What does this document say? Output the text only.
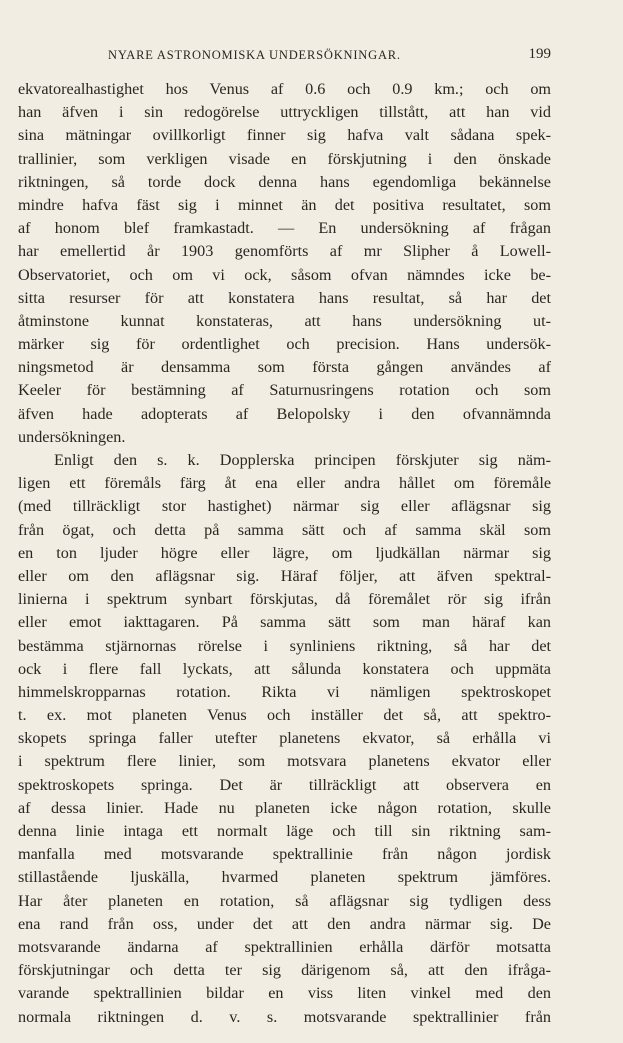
NYARE ASTRONOMISKA UNDERSÖKNINGAR.	199
ekvatorealhastighet hos Venus af 0.6 och 0.9 km.; och om
han äfven i sin redogörelse uttryckligen tillstått, att han vid
sina mätningar ovillkorligt finner sig hafva valt sådana spek-
trallinier, som verkligen visade en förskjutning i den önskade
riktningen, så torde dock denna hans egendomliga bekännelse
mindre hafva fäst sig i minnet än det positiva resultatet, som
af honom blef framkastadt. — En undersökning af frågan
har emellertid år 1903 genomförts af mr Slipher å Lowell-
Observatoriet, och om vi ock, såsom ofvan nämndes icke be-
sitta resurser för att konstatera hans resultat, så har det
åtminstone kunnat konstateras, att hans undersökning ut-
märker sig för ordentlighet och precision. Hans undersök-
ningsmetod är densamma som första gången användes af
Keeler för bestämning af Saturnusringens rotation och som
äfven hade adopterats af Belopolsky i den ofvannämnda
undersökningen.
Enligt den s. k. Dopplerska principen förskjuter sig näm-
ligen ett föremåls färg åt ena eller andra hållet om föremåle
(med tillräckligt stor hastighet) närmar sig eller aflägsnar sig
från ögat, och detta på samma sätt och af samma skäl som
en ton ljuder högre eller lägre, om ljudkällan närmar sig
eller om den aflägsnar sig. Häraf följer, att äfven spektral-
linierna i spektrum synbart förskjutas, då föremålet rör sig ifrån
eller emot iakttagaren. På samma sätt som man häraf kan
bestämma stjärnornas rörelse i synliniens riktning, så har det
ock i flere fall lyckats, att sålunda konstatera och uppmäta
himmelskropparnas rotation. Rikta vi nämligen spektroskopet
t. ex. mot planeten Venus och inställer det så, att spektro-
skopets springa faller utefter planetens ekvator, så erhålla vi
i spektrum flere linier, som motsvara planetens ekvator eller
spektroskopets springa. Det är tillräckligt att observera en
af dessa linier. Hade nu planeten icke någon rotation, skulle
denna linie intaga ett normalt läge och till sin riktning sam-
manfalla med motsvarande spektrallinie från någon jordisk
stillastående ljuskälla, hvarmed planeten spektrum jämföres.
Har åter planeten en rotation, så aflägsnar sig tydligen dess
ena rand från oss, under det att den andra närmar sig. De
motsvarande ändarna af spektrallinien erhålla därför motsatta
förskjutningar och detta ter sig därigenom så, att den ifråga-
varande spektrallinien bildar en viss liten vinkel med den
normala riktningen d. v. s. motsvarande spektrallinier från
